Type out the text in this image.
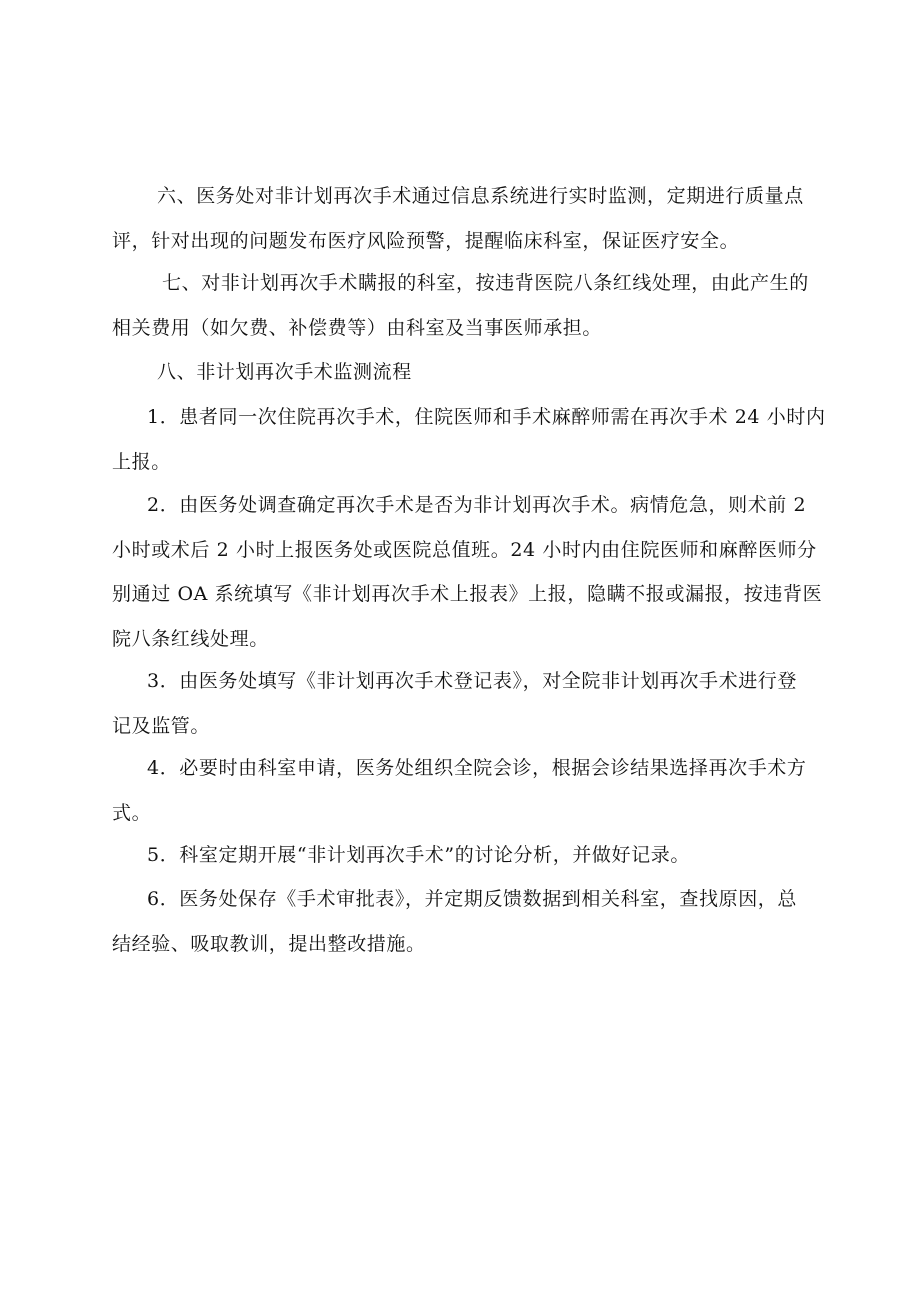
六、医务处对非计划再次手术通过信息系统进行实时监测，定期进行质量点
评，针对出现的问题发布医疗风险预警，提醒临床科室，保证医疗安全。

七、对非计划再次手术瞒报的科室，按违背医院八条红线处理，由此产生的
相关费用（如欠费、补偿费等）由科室及当事医师承担。

八、非计划再次手术监测流程

1．患者同一次住院再次手术，住院医师和手术麻醉师需在再次手术 24 小时内
上报。

2．由医务处调查确定再次手术是否为非计划再次手术。病情危急，则术前 2
小时或术后 2 小时上报医务处或医院总值班。24 小时内由住院医师和麻醉医师分
别通过 OA 系统填写《非计划再次手术上报表》上报，隐瞒不报或漏报，按违背医
院八条红线处理。

3．由医务处填写《非计划再次手术登记表》，对全院非计划再次手术进行登
记及监管。

4．必要时由科室申请，医务处组织全院会诊，根据会诊结果选择再次手术方
式。

5．科室定期开展“非计划再次手术”的讨论分析，并做好记录。

6．医务处保存《手术审批表》，并定期反馈数据到相关科室，查找原因，总
结经验、吸取教训，提出整改措施。
